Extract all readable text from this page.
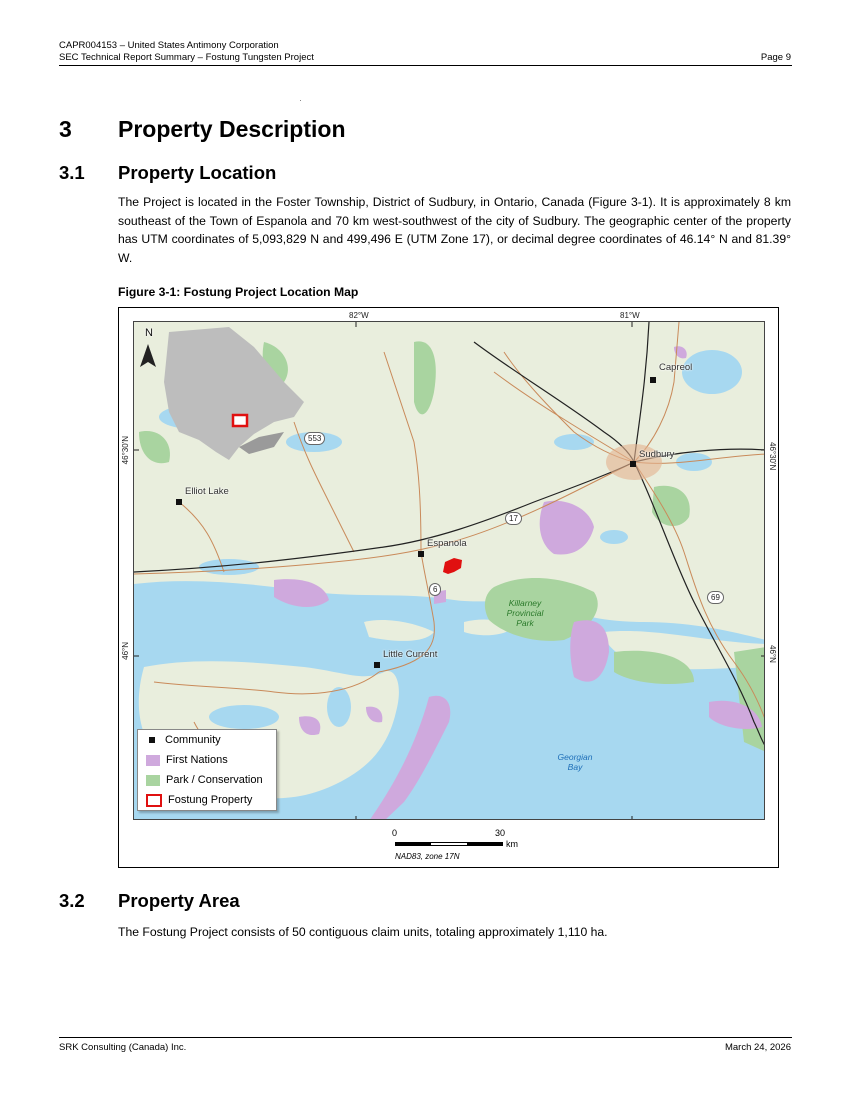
CAPR004153 – United States Antimony Corporation
SEC Technical Report Summary – Fostung Tungsten Project	Page 9
3 Property Description
3.1 Property Location
The Project is located in the Foster Township, District of Sudbury, in Ontario, Canada (Figure 3-1). It is approximately 8 km southeast of the Town of Espanola and 70 km west-southwest of the city of Sudbury. The geographic center of the property has UTM coordinates of 5,093,829 N and 499,496 E (UTM Zone 17), or decimal degree coordinates of 46.14° N and 81.39° W.
Figure 3-1: Fostung Project Location Map
82°W	81°W
46°30'N
46°N
46°30'N
46°N
N
Capreol
Sudbury
Elliot Lake
Espanola
Little Current
553
17
6
69
Killarney
Provincial
Park
Georgian
Bay
Community
First Nations
Park / Conservation
Fostung Property
0	30
km
NAD83, zone 17N
3.2 Property Area
The Fostung Project consists of 50 contiguous claim units, totaling approximately 1,110 ha.
SRK Consulting (Canada) Inc.	March 24, 2026
